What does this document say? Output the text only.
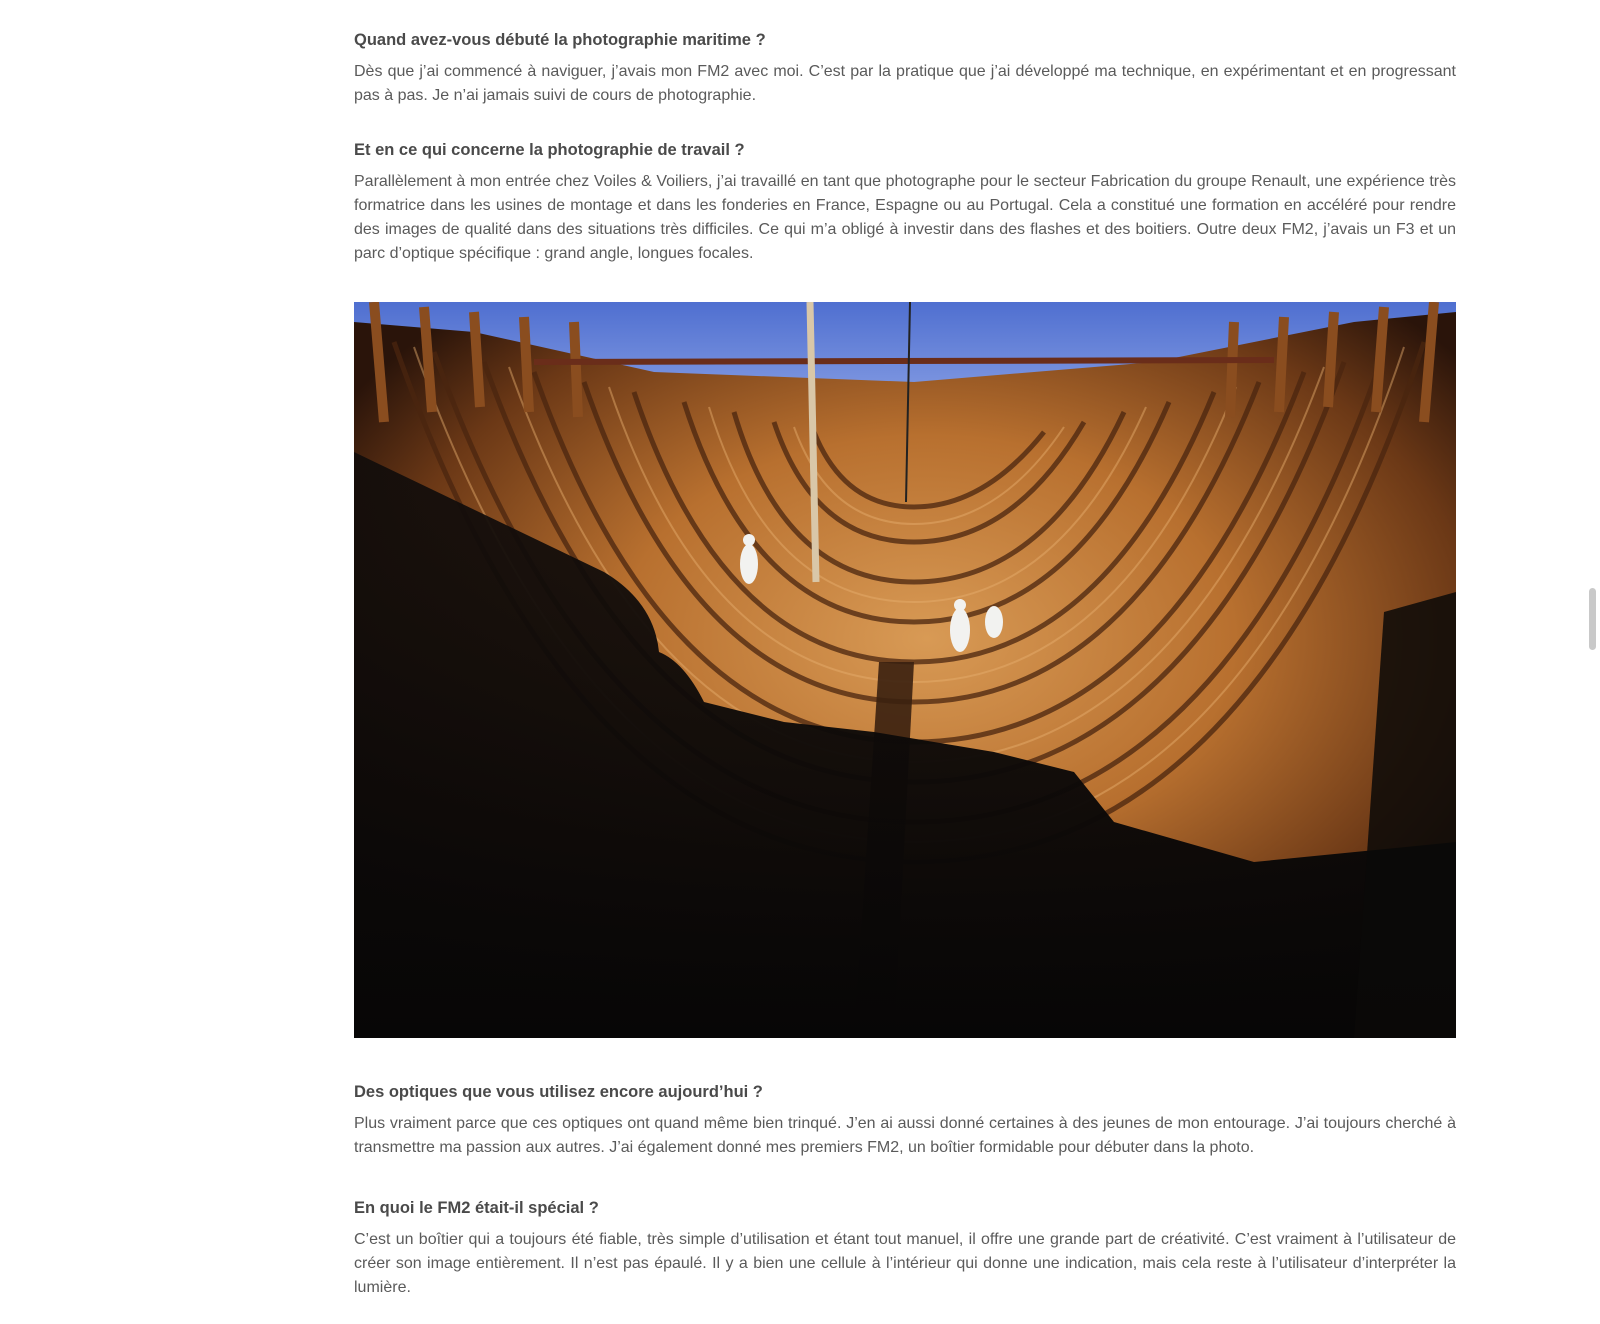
Quand avez-vous débuté la photographie maritime ?

Dès que j’ai commencé à naviguer, j’avais mon FM2 avec moi. C’est par la pratique que j’ai développé ma technique, en expérimentant et en progressant pas à pas. Je n’ai jamais suivi de cours de photographie.

Et en ce qui concerne la photographie de travail ?

Parallèlement à mon entrée chez Voiles & Voiliers, j’ai travaillé en tant que photographe pour le secteur Fabrication du groupe Renault, une expérience très formatrice dans les usines de montage et dans les fonderies en France, Espagne ou au Portugal. Cela a constitué une formation en accéléré pour rendre des images de qualité dans des situations très difficiles. Ce qui m’a obligé à investir dans des flashes et des boitiers. Outre deux FM2, j’avais un F3 et un parc d’optique spécifique : grand angle, longues focales.

Des optiques que vous utilisez encore aujourd’hui ?

Plus vraiment parce que ces optiques ont quand même bien trinqué. J’en ai aussi donné certaines à des jeunes de mon entourage. J’ai toujours cherché à transmettre ma passion aux autres. J’ai également donné mes premiers FM2, un boîtier formidable pour débuter dans la photo.

En quoi le FM2 était-il spécial ?

C’est un boîtier qui a toujours été fiable, très simple d’utilisation et étant tout manuel, il offre une grande part de créativité. C’est vraiment à l’utilisateur de créer son image entièrement. Il n’est pas épaulé. Il y a bien une cellule à l’intérieur qui donne une indication, mais cela reste à l’utilisateur d’interpréter la lumière.
